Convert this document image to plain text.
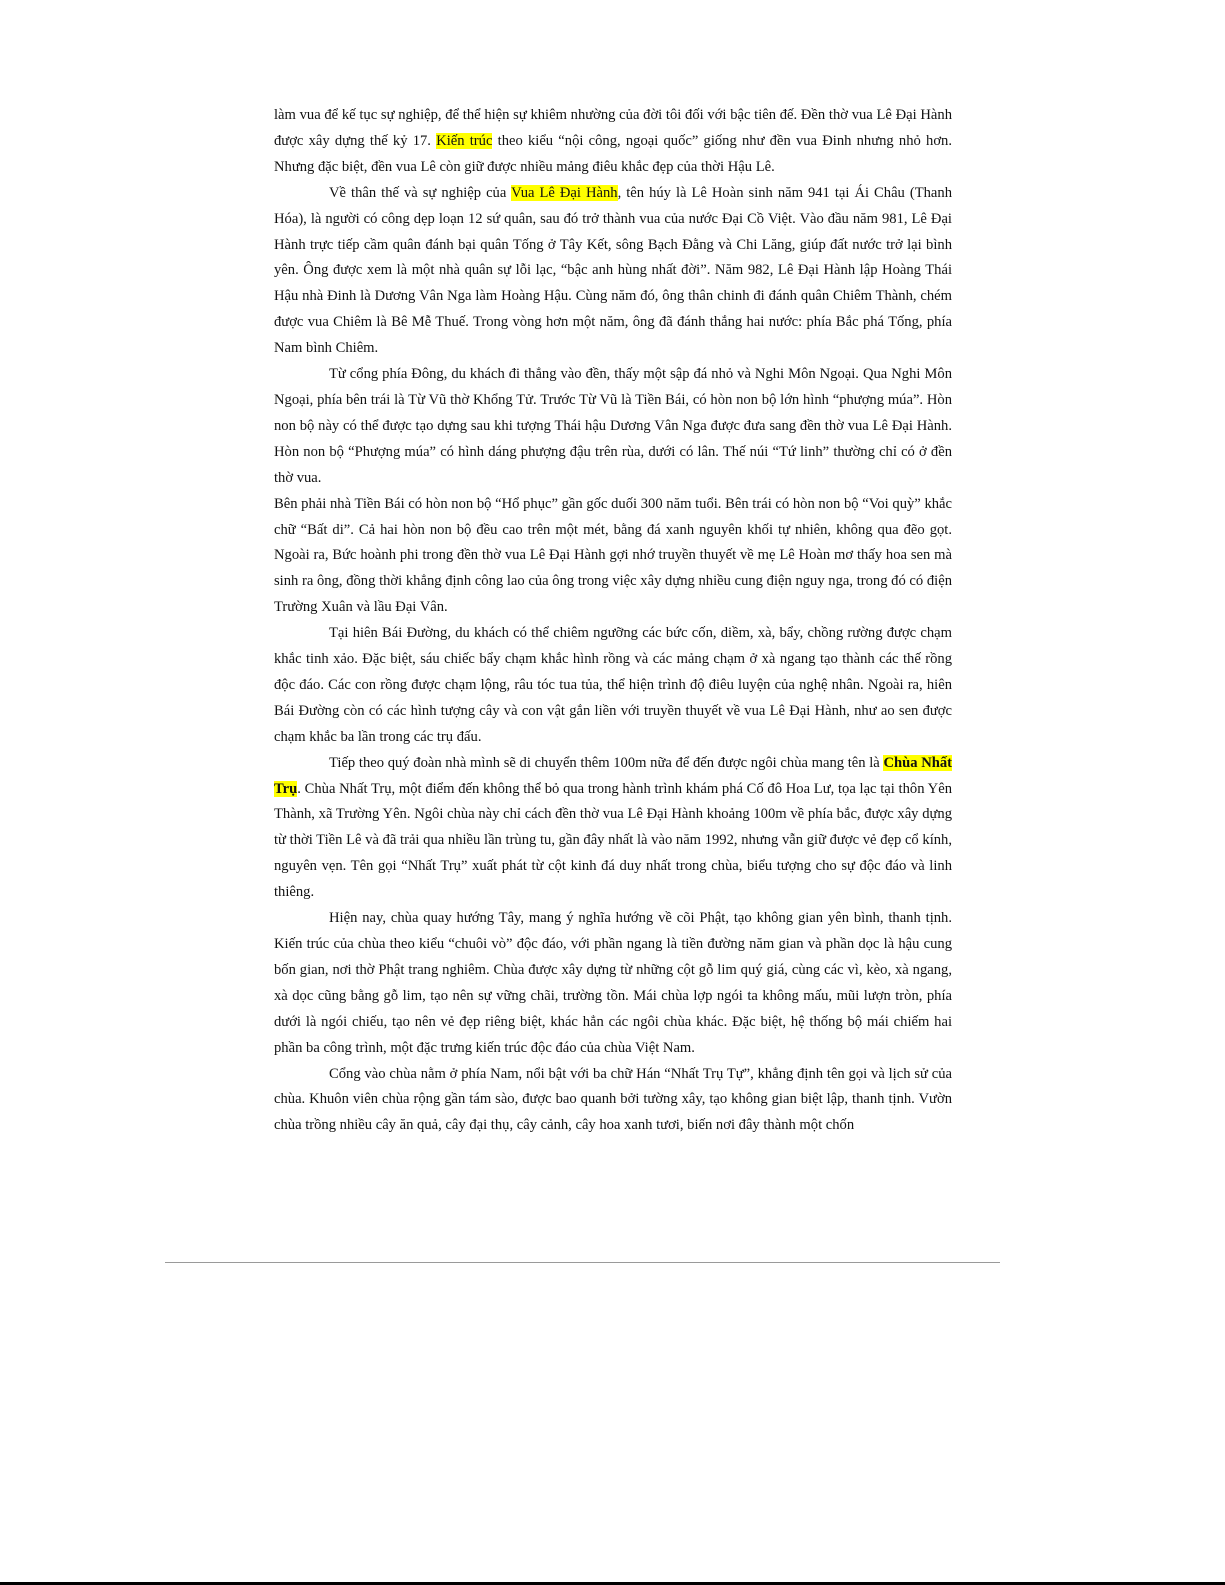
làm vua để kế tục sự nghiệp, để thể hiện sự khiêm nhường của đời tôi đối với bậc tiên đế. Đền thờ vua Lê Đại Hành được xây dựng thế kỷ 17. Kiến trúc theo kiểu “nội công, ngoại quốc” giống như đền vua Đinh nhưng nhỏ hơn. Nhưng đặc biệt, đền vua Lê còn giữ được nhiều mảng điêu khắc đẹp của thời Hậu Lê.

Về thân thế và sự nghiệp của Vua Lê Đại Hành, tên húy là Lê Hoàn sinh năm 941 tại Ái Châu (Thanh Hóa), là người có công dẹp loạn 12 sứ quân, sau đó trở thành vua của nước Đại Cồ Việt. Vào đầu năm 981, Lê Đại Hành trực tiếp cầm quân đánh bại quân Tống ở Tây Kết, sông Bạch Đằng và Chi Lăng, giúp đất nước trở lại bình yên. Ông được xem là một nhà quân sự lỗi lạc, “bậc anh hùng nhất đời”. Năm 982, Lê Đại Hành lập Hoàng Thái Hậu nhà Đinh là Dương Vân Nga làm Hoàng Hậu. Cùng năm đó, ông thân chinh đi đánh quân Chiêm Thành, chém được vua Chiêm là Bê Mễ Thuế. Trong vòng hơn một năm, ông đã đánh thắng hai nước: phía Bắc phá Tống, phía Nam bình Chiêm.

Từ cổng phía Đông, du khách đi thẳng vào đền, thấy một sập đá nhỏ và Nghi Môn Ngoại. Qua Nghi Môn Ngoại, phía bên trái là Từ Vũ thờ Khổng Tử. Trước Từ Vũ là Tiền Bái, có hòn non bộ lớn hình “phượng múa”. Hòn non bộ này có thể được tạo dựng sau khi tượng Thái hậu Dương Vân Nga được đưa sang đền thờ vua Lê Đại Hành. Hòn non bộ “Phượng múa” có hình dáng phượng đậu trên rùa, dưới có lân. Thế núi “Tứ linh” thường chỉ có ở đền thờ vua.

Bên phải nhà Tiền Bái có hòn non bộ “Hổ phục” gần gốc duối 300 năm tuổi. Bên trái có hòn non bộ “Voi quỳ” khắc chữ “Bất di”. Cả hai hòn non bộ đều cao trên một mét, bằng đá xanh nguyên khối tự nhiên, không qua đẽo gọt. Ngoài ra, Bức hoành phi trong đền thờ vua Lê Đại Hành gợi nhớ truyền thuyết về mẹ Lê Hoàn mơ thấy hoa sen mà sinh ra ông, đồng thời khẳng định công lao của ông trong việc xây dựng nhiều cung điện nguy nga, trong đó có điện Trường Xuân và lầu Đại Vân.

Tại hiên Bái Đường, du khách có thể chiêm ngưỡng các bức cốn, diềm, xà, bẩy, chồng rường được chạm khắc tinh xảo. Đặc biệt, sáu chiếc bẩy chạm khắc hình rồng và các mảng chạm ở xà ngang tạo thành các thế rồng độc đáo. Các con rồng được chạm lộng, râu tóc tua tủa, thể hiện trình độ điêu luyện của nghệ nhân. Ngoài ra, hiên Bái Đường còn có các hình tượng cây và con vật gắn liền với truyền thuyết về vua Lê Đại Hành, như ao sen được chạm khắc ba lần trong các trụ đấu.

Tiếp theo quý đoàn nhà mình sẽ di chuyển thêm 100m nữa để đến được ngôi chùa mang tên là Chùa Nhất Trụ. Chùa Nhất Trụ, một điểm đến không thể bỏ qua trong hành trình khám phá Cố đô Hoa Lư, tọa lạc tại thôn Yên Thành, xã Trường Yên. Ngôi chùa này chỉ cách đền thờ vua Lê Đại Hành khoảng 100m về phía bắc, được xây dựng từ thời Tiền Lê và đã trải qua nhiều lần trùng tu, gần đây nhất là vào năm 1992, nhưng vẫn giữ được vẻ đẹp cổ kính, nguyên vẹn. Tên gọi “Nhất Trụ” xuất phát từ cột kinh đá duy nhất trong chùa, biểu tượng cho sự độc đáo và linh thiêng.

Hiện nay, chùa quay hướng Tây, mang ý nghĩa hướng về cõi Phật, tạo không gian yên bình, thanh tịnh. Kiến trúc của chùa theo kiểu “chuôi vò” độc đáo, với phần ngang là tiền đường năm gian và phần dọc là hậu cung bốn gian, nơi thờ Phật trang nghiêm. Chùa được xây dựng từ những cột gỗ lim quý giá, cùng các vì, kèo, xà ngang, xà dọc cũng bằng gỗ lim, tạo nên sự vững chãi, trường tồn. Mái chùa lợp ngói ta không mấu, mũi lượn tròn, phía dưới là ngói chiếu, tạo nên vẻ đẹp riêng biệt, khác hẳn các ngôi chùa khác. Đặc biệt, hệ thống bộ mái chiếm hai phần ba công trình, một đặc trưng kiến trúc độc đáo của chùa Việt Nam.

Cổng vào chùa nằm ở phía Nam, nổi bật với ba chữ Hán “Nhất Trụ Tự”, khẳng định tên gọi và lịch sử của chùa. Khuôn viên chùa rộng gần tám sào, được bao quanh bởi tường xây, tạo không gian biệt lập, thanh tịnh. Vườn chùa trồng nhiều cây ăn quả, cây đại thụ, cây cảnh, cây hoa xanh tươi, biến nơi đây thành một chốn
